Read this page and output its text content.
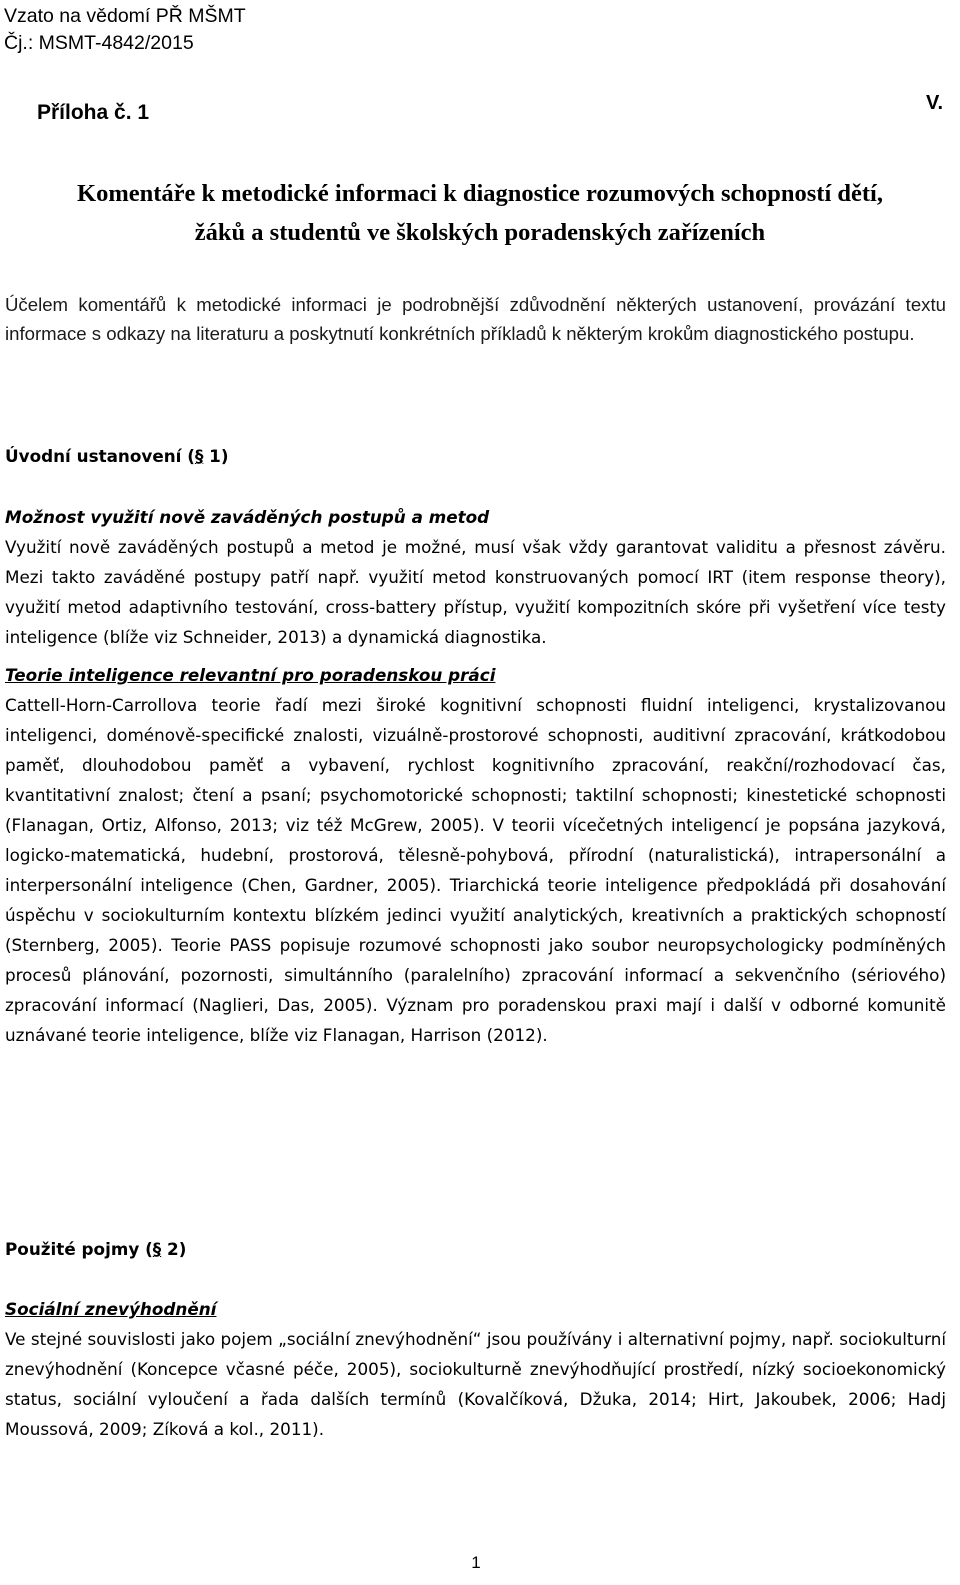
Vzato na vědomí PŘ MŠMT
Čj.: MSMT-4842/2015
V.
Příloha č. 1
Komentáře k metodické informaci k diagnostice rozumových schopností dětí,
žáků a studentů ve školských poradenských zařízeních
Účelem komentářů k metodické informaci je podrobnější zdůvodnění některých ustanovení, provázání textu informace s odkazy na literaturu a poskytnutí konkrétních příkladů k některým krokům diagnostického postupu.
Úvodní ustanovení (§ 1)
Možnost využití nově zaváděných postupů a metod
Využití nově zaváděných postupů a metod je možné, musí však vždy garantovat validitu a přesnost závěru. Mezi takto zaváděné postupy patří např. využití metod konstruovaných pomocí IRT (item response theory), využití metod adaptivního testování, cross-battery přístup, využití kompozitních skóre při vyšetření více testy inteligence (blíže viz Schneider, 2013) a dynamická diagnostika.
Teorie inteligence relevantní pro poradenskou práci
Cattell-Horn-Carrollova teorie řadí mezi široké kognitivní schopnosti fluidní inteligenci, krystalizovanou inteligenci, doménově-specifické znalosti, vizuálně-prostorové schopnosti, auditivní zpracování, krátkodobou paměť, dlouhodobou paměť a vybavení, rychlost kognitivního zpracování, reakční/rozhodovací čas, kvantitativní znalost; čtení a psaní; psychomotorické schopnosti; taktilní schopnosti; kinestetické schopnosti (Flanagan, Ortiz, Alfonso, 2013; viz též McGrew, 2005). V teorii vícečetných inteligencí je popsána jazyková, logicko-matematická, hudební, prostorová, tělesně-pohybová, přírodní (naturalistická), intrapersonální a interpersonální inteligence (Chen, Gardner, 2005). Triarchická teorie inteligence předpokládá při dosahování úspěchu v sociokulturním kontextu blízkém jedinci využití analytických, kreativních a praktických schopností (Sternberg, 2005). Teorie PASS popisuje rozumové schopnosti jako soubor neuropsychologicky podmíněných procesů plánování, pozornosti, simultánního (paralelního) zpracování informací a sekvenčního (sériového) zpracování informací (Naglieri, Das, 2005). Význam pro poradenskou praxi mají i další v odborné komunitě uznávané teorie inteligence, blíže viz Flanagan, Harrison (2012).
Použité pojmy (§ 2)
Sociální znevýhodnění
Ve stejné souvislosti jako pojem „sociální znevýhodnění“ jsou používány i alternativní pojmy, např. sociokulturní znevýhodnění (Koncepce včasné péče, 2005), sociokulturně znevýhodňující prostředí, nízký socioekonomický status, sociální vyloučení a řada dalších termínů (Kovalčíková, Džuka, 2014; Hirt, Jakoubek, 2006; Hadj Moussová, 2009; Zíková a kol., 2011).
1
